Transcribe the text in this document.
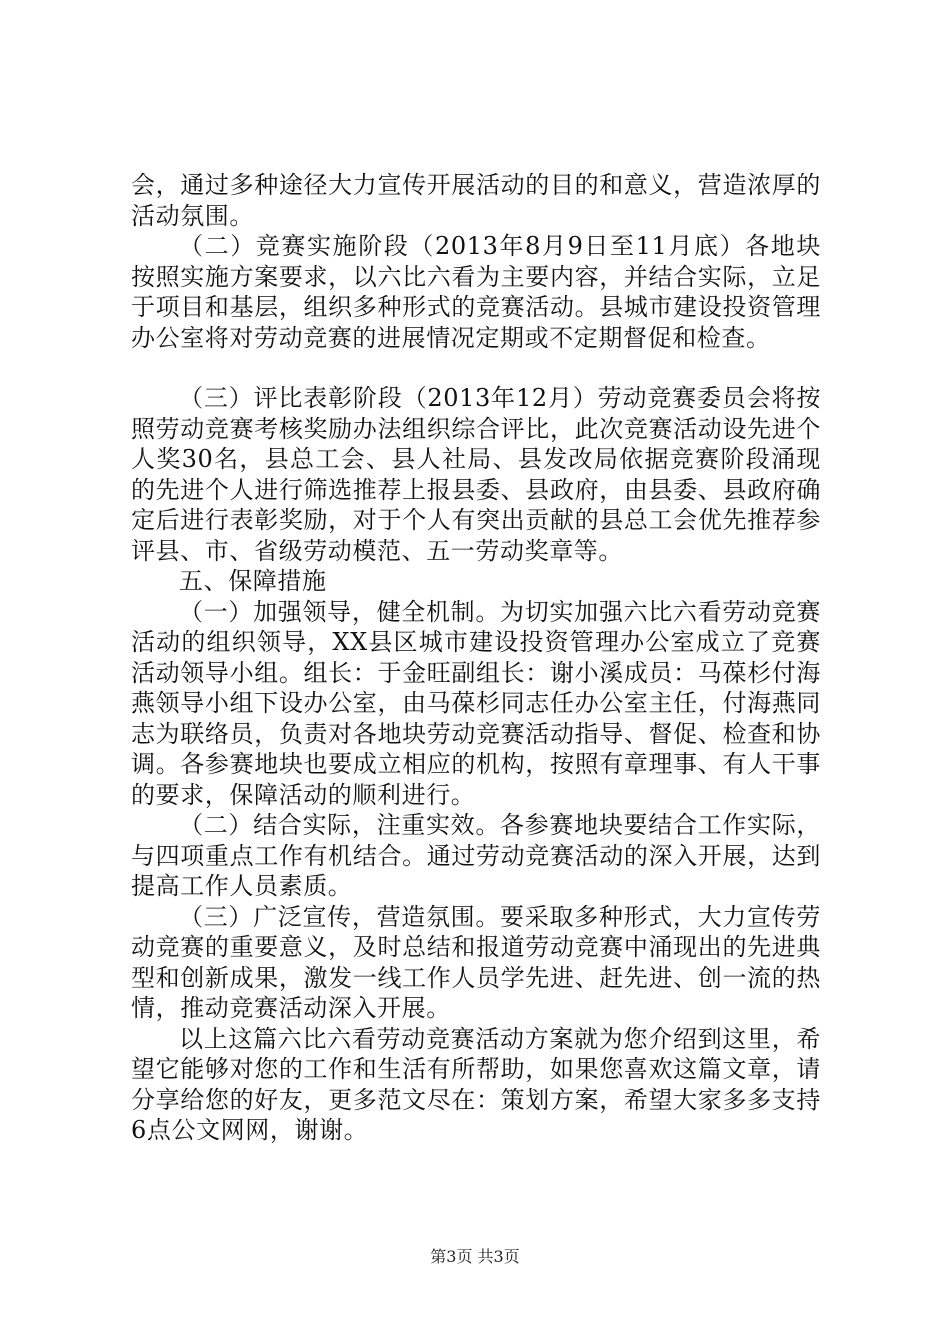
会，通过多种途径大力宣传开展活动的目的和意义，营造浓厚的活动氛围。

（二）竞赛实施阶段（2013年8月9日至11月底）各地块按照实施方案要求，以六比六看为主要内容，并结合实际，立足于项目和基层，组织多种形式的竞赛活动。县城市建设投资管理办公室将对劳动竞赛的进展情况定期或不定期督促和检查。

（三）评比表彰阶段（2013年12月）劳动竞赛委员会将按照劳动竞赛考核奖励办法组织综合评比，此次竞赛活动设先进个人奖30名，县总工会、县人社局、县发改局依据竞赛阶段涌现的先进个人进行筛选推荐上报县委、县政府，由县委、县政府确定后进行表彰奖励，对于个人有突出贡献的县总工会优先推荐参评县、市、省级劳动模范、五一劳动奖章等。

五、保障措施

（一）加强领导，健全机制。为切实加强六比六看劳动竞赛活动的组织领导，XX县区城市建设投资管理办公室成立了竞赛活动领导小组。组长：于金旺副组长：谢小溪成员：马葆杉付海燕领导小组下设办公室，由马葆杉同志任办公室主任，付海燕同志为联络员，负责对各地块劳动竞赛活动指导、督促、检查和协调。各参赛地块也要成立相应的机构，按照有章理事、有人干事的要求，保障活动的顺利进行。

（二）结合实际，注重实效。各参赛地块要结合工作实际，与四项重点工作有机结合。通过劳动竞赛活动的深入开展，达到提高工作人员素质。

（三）广泛宣传，营造氛围。要采取多种形式，大力宣传劳动竞赛的重要意义，及时总结和报道劳动竞赛中涌现出的先进典型和创新成果，激发一线工作人员学先进、赶先进、创一流的热情，推动竞赛活动深入开展。

以上这篇六比六看劳动竞赛活动方案就为您介绍到这里，希望它能够对您的工作和生活有所帮助，如果您喜欢这篇文章，请分享给您的好友，更多范文尽在：策划方案，希望大家多多支持6点公文网网，谢谢。

第3页 共3页
